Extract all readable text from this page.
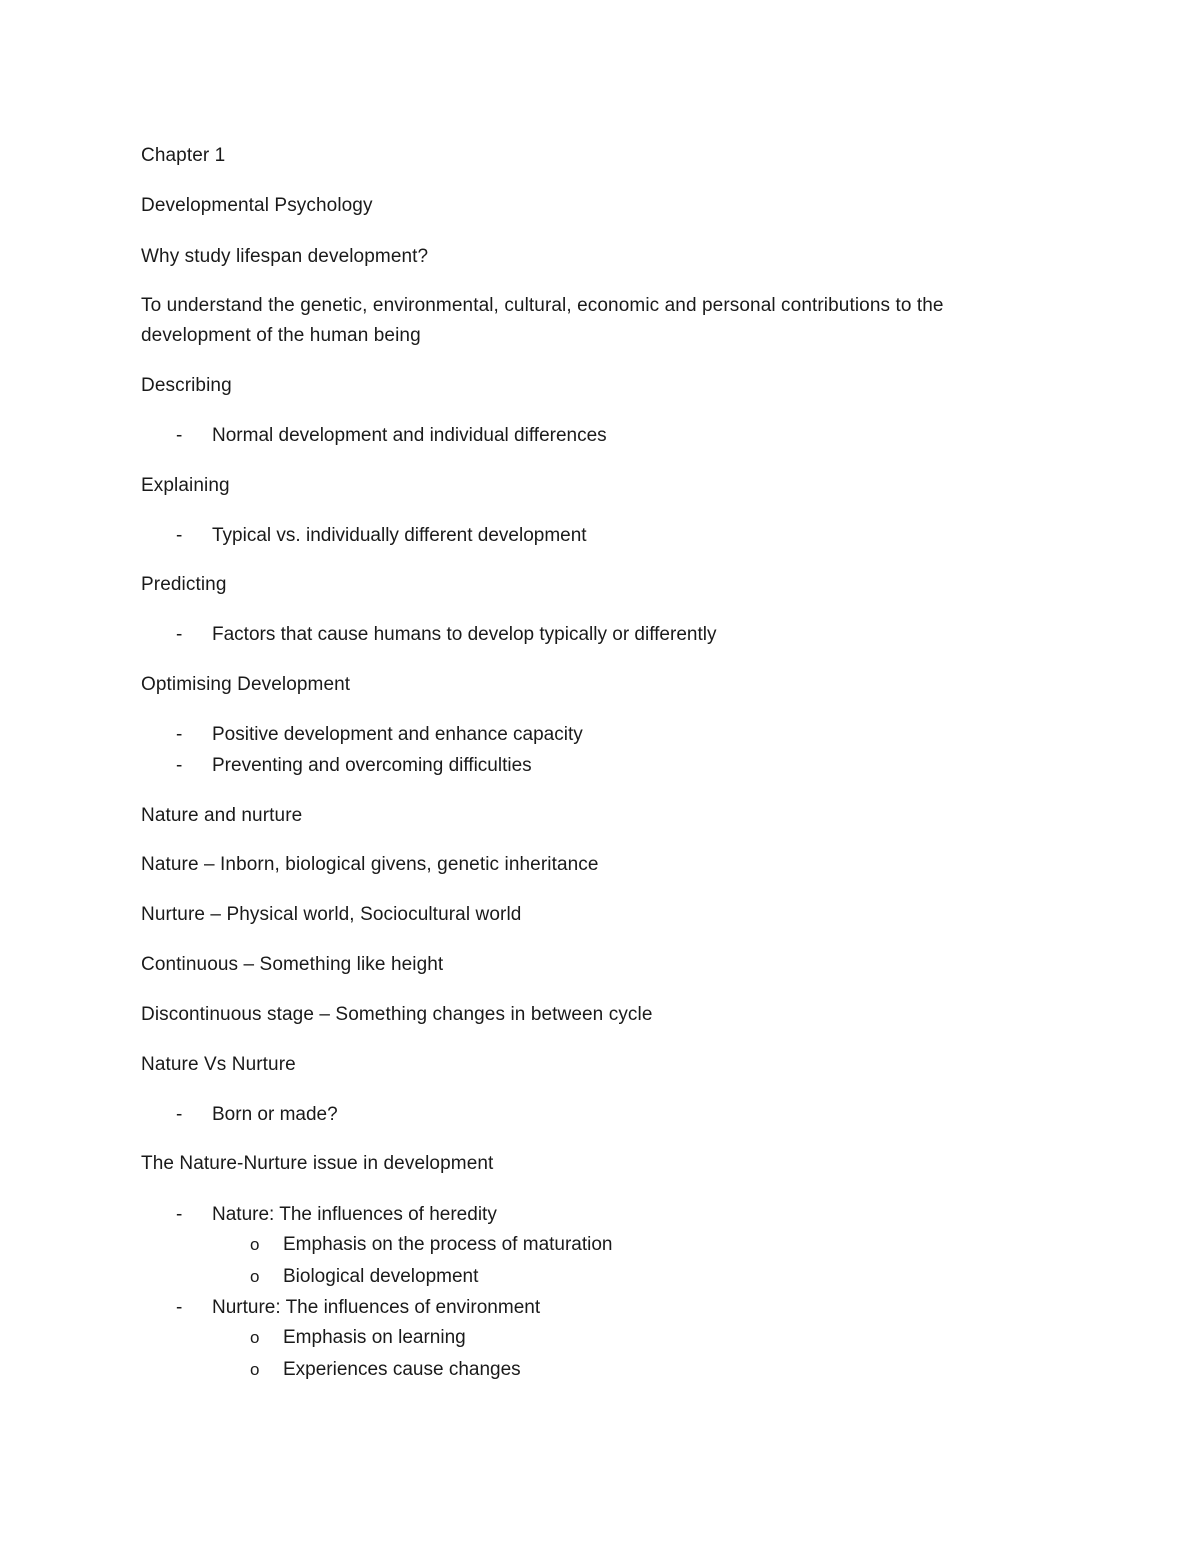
Chapter 1
Developmental Psychology
Why study lifespan development?
To understand the genetic, environmental, cultural, economic and personal contributions to the
development of the human being
Describing
- Normal development and individual differences
Explaining
- Typical vs. individually different development
Predicting
- Factors that cause humans to develop typically or differently
Optimising Development
- Positive development and enhance capacity
- Preventing and overcoming difficulties
Nature and nurture
Nature – Inborn, biological givens, genetic inheritance
Nurture – Physical world, Sociocultural world
Continuous – Something like height
Discontinuous stage – Something changes in between cycle
Nature Vs Nurture
- Born or made?
The Nature-Nurture issue in development
- Nature: The influences of heredity
o Emphasis on the process of maturation
o Biological development
- Nurture: The influences of environment
o Emphasis on learning
o Experiences cause changes
